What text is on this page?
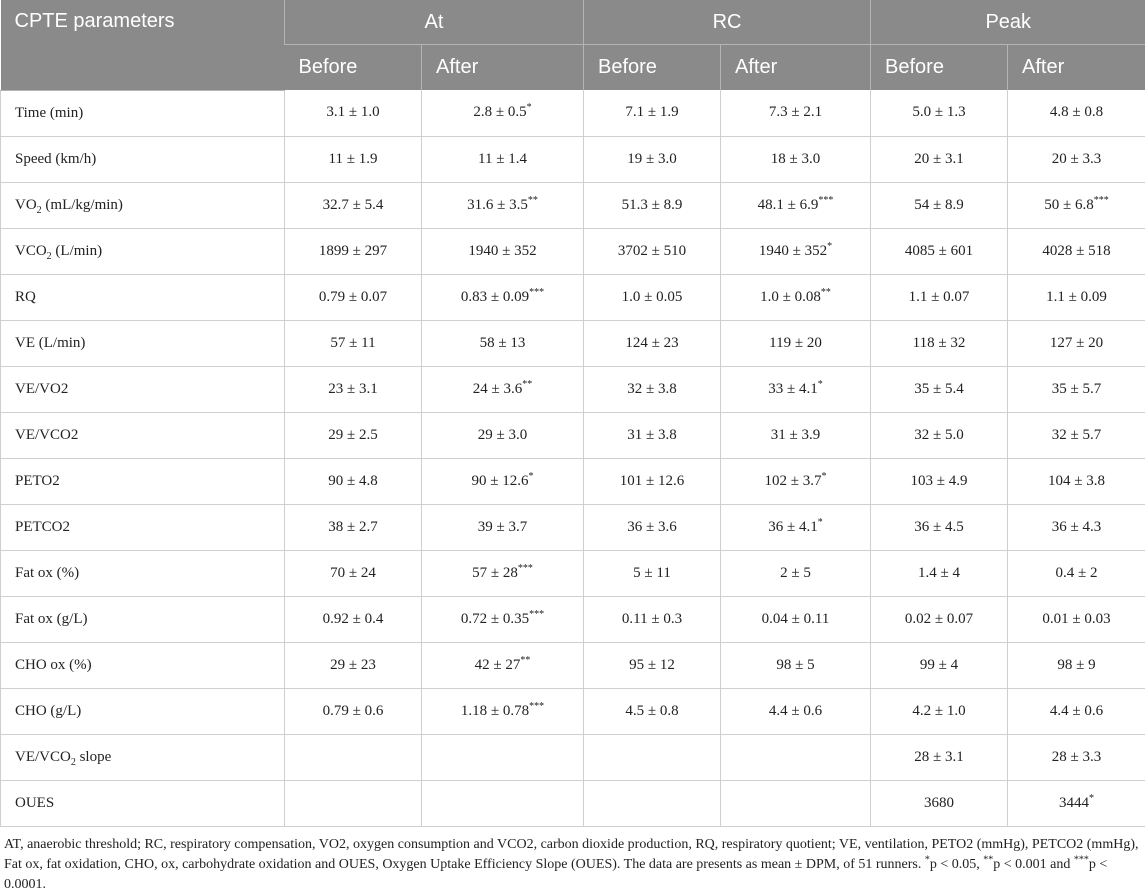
CPTE parameters	At		RC		Peak	
	Before	After	Before	After	Before	After
Time (min)	3.1 ± 1.0	2.8 ± 0.5*	7.1 ± 1.9	7.3 ± 2.1	5.0 ± 1.3	4.8 ± 0.8
Speed (km/h)	11 ± 1.9	11 ± 1.4	19 ± 3.0	18 ± 3.0	20 ± 3.1	20 ± 3.3
$VO_2$ (mL/kg/min)	32.7 ± 5.4	31.6 ± 3.5**	51.3 ± 8.9	48.1 ± 6.9***	54 ± 8.9	50 ± 6.8***
$VCO_2$ (L/min)	1899 ± 297	1940 ± 352	3702 ± 510	1940 ± 352*	4085 ± 601	4028 ± 518
RQ	0.79 ± 0.07	0.83 ± 0.09***	1.0 ± 0.05	1.0 ± 0.08**	1.1 ± 0.07	1.1 ± 0.09
VE (L/min)	57 ± 11	58 ± 13	124 ± 23	119 ± 20	118 ± 32	127 ± 20
VE/VO2	23 ± 3.1	24 ± 3.6**	32 ± 3.8	33 ± 4.1*	35 ± 5.4	35 ± 5.7
VE/VCO2	29 ± 2.5	29 ± 3.0	31 ± 3.8	31 ± 3.9	32 ± 5.0	32 ± 5.7
PETO2	90 ± 4.8	90 ± 12.6*	101 ± 12.6	102 ± 3.7*	103 ± 4.9	104 ± 3.8
PETCO2	38 ± 2.7	39 ± 3.7	36 ± 3.6	36 ± 4.1*	36 ± 4.5	36 ± 4.3
Fat ox (%)	70 ± 24	57 ± 28***	5 ± 11	2 ± 5	1.4 ± 4	0.4 ± 2
Fat ox (g/L)	0.92 ± 0.4	0.72 ± 0.35***	0.11 ± 0.3	0.04 ± 0.11	0.02 ± 0.07	0.01 ± 0.03
CHO ox (%)	29 ± 23	42 ± 27**	95 ± 12	98 ± 5	99 ± 4	98 ± 9
CHO (g/L)	0.79 ± 0.6	1.18 ± 0.78***	4.5 ± 0.8	4.4 ± 0.6	4.2 ± 1.0	4.4 ± 0.6
$VE/VCO_2$ slope					28 ± 3.1	28 ± 3.3
OUES					3680	3444*

AT, anaerobic threshold; RC, respiratory compensation, VO2, oxygen consumption and VCO2, carbon dioxide production, RQ, respiratory quotient; VE, ventilation, PETO2 (mmHg), PETCO2 (mmHg), Fat ox, fat oxidation, CHO, ox, carbohydrate oxidation and OUES, Oxygen Uptake Efficiency Slope (OUES). The data are presents as mean ± DPM, of 51 runners. *p < 0.05, **p < 0.001 and ***p < 0.0001.
